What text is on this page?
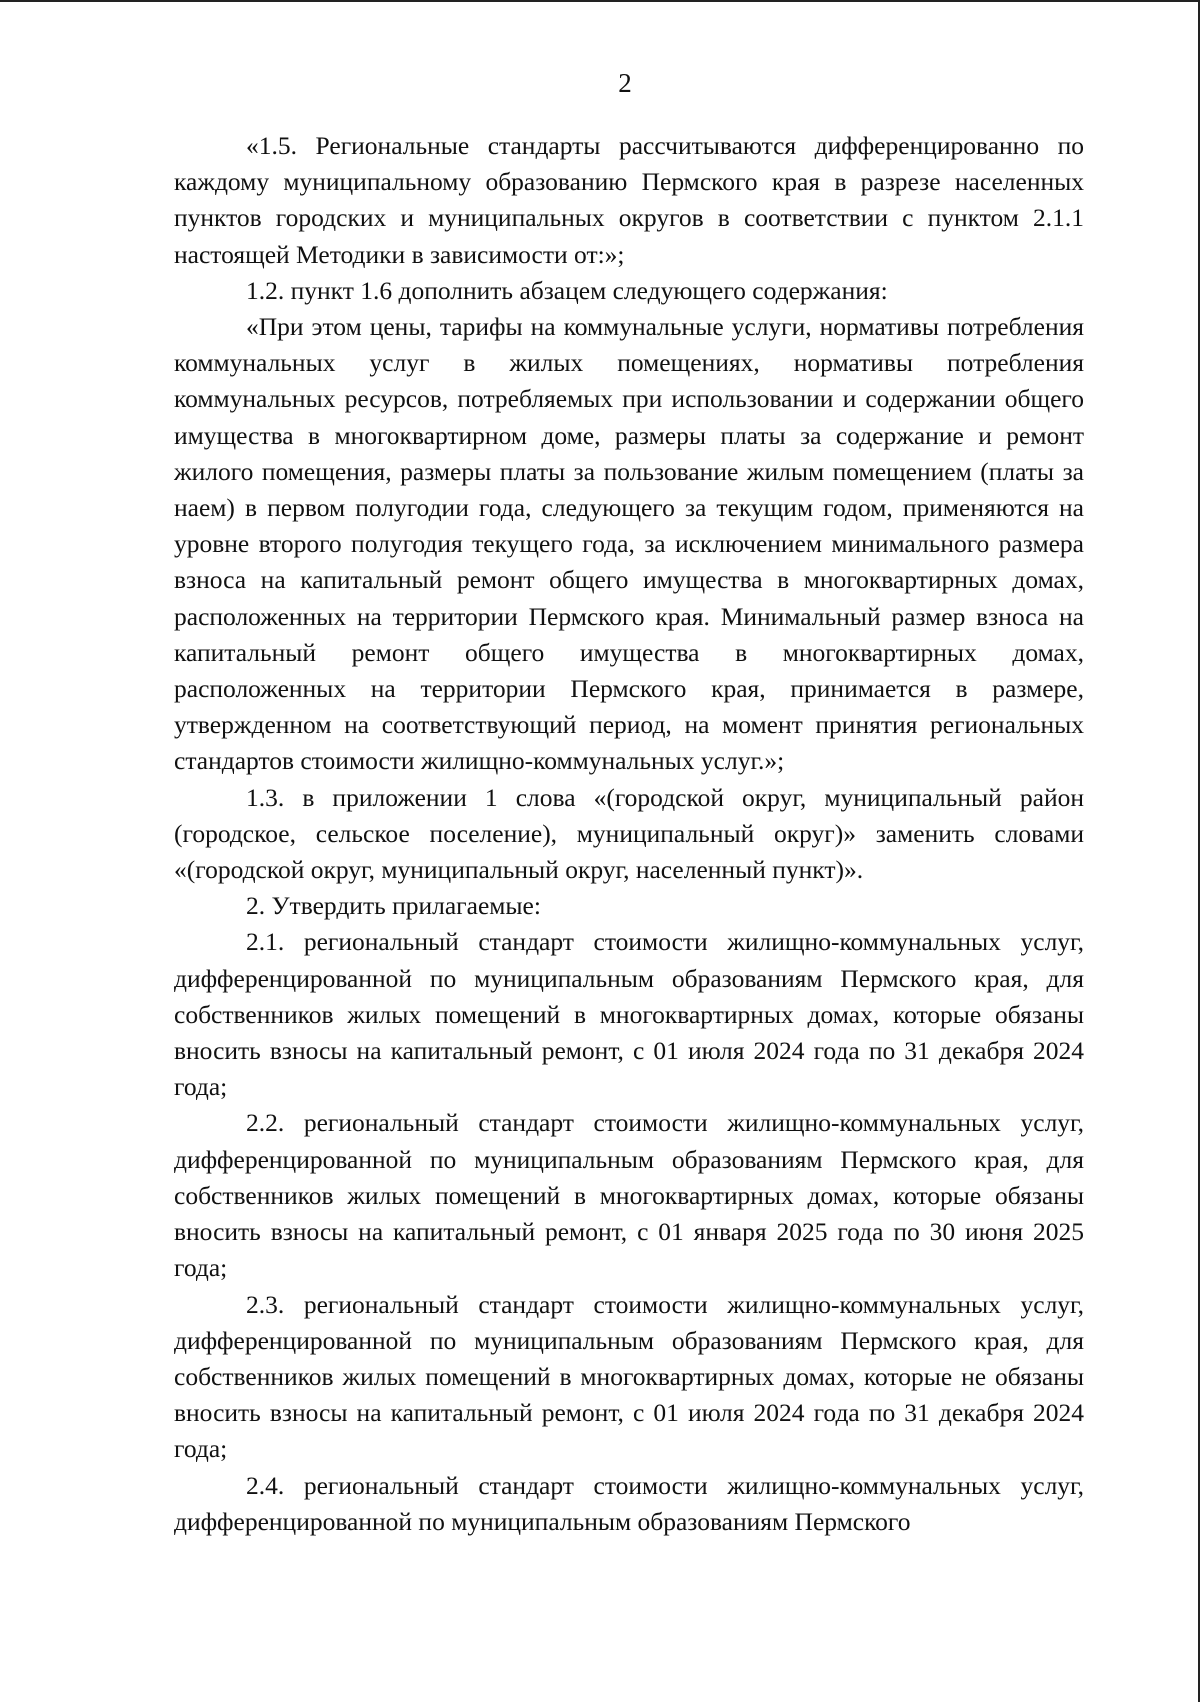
2

«1.5. Региональные стандарты рассчитываются дифференцированно по каждому муниципальному образованию Пермского края в разрезе населенных пунктов городских и муниципальных округов в соответствии с пунктом 2.1.1 настоящей Методики в зависимости от:»;

1.2. пункт 1.6 дополнить абзацем следующего содержания:

«При этом цены, тарифы на коммунальные услуги, нормативы потребления коммунальных услуг в жилых помещениях, нормативы потребления коммунальных ресурсов, потребляемых при использовании и содержании общего имущества в многоквартирном доме, размеры платы за содержание и ремонт жилого помещения, размеры платы за пользование жилым помещением (платы за наем) в первом полугодии года, следующего за текущим годом, применяются на уровне второго полугодия текущего года, за исключением минимального размера взноса на капитальный ремонт общего имущества в многоквартирных домах, расположенных на территории Пермского края. Минимальный размер взноса на капитальный ремонт общего имущества в многоквартирных домах, расположенных на территории Пермского края, принимается в размере, утвержденном на соответствующий период, на момент принятия региональных стандартов стоимости жилищно-коммунальных услуг.»;

1.3. в приложении 1 слова «(городской округ, муниципальный район (городское, сельское поселение), муниципальный округ)» заменить словами «(городской округ, муниципальный округ, населенный пункт)».

2. Утвердить прилагаемые:

2.1. региональный стандарт стоимости жилищно-коммунальных услуг, дифференцированной по муниципальным образованиям Пермского края, для собственников жилых помещений в многоквартирных домах, которые обязаны вносить взносы на капитальный ремонт, с 01 июля 2024 года по 31 декабря 2024 года;

2.2. региональный стандарт стоимости жилищно-коммунальных услуг, дифференцированной по муниципальным образованиям Пермского края, для собственников жилых помещений в многоквартирных домах, которые обязаны вносить взносы на капитальный ремонт, с 01 января 2025 года по 30 июня 2025 года;

2.3. региональный стандарт стоимости жилищно-коммунальных услуг, дифференцированной по муниципальным образованиям Пермского края, для собственников жилых помещений в многоквартирных домах, которые не обязаны вносить взносы на капитальный ремонт, с 01 июля 2024 года по 31 декабря 2024 года;

2.4. региональный стандарт стоимости жилищно-коммунальных услуг, дифференцированной по муниципальным образованиям Пермского
